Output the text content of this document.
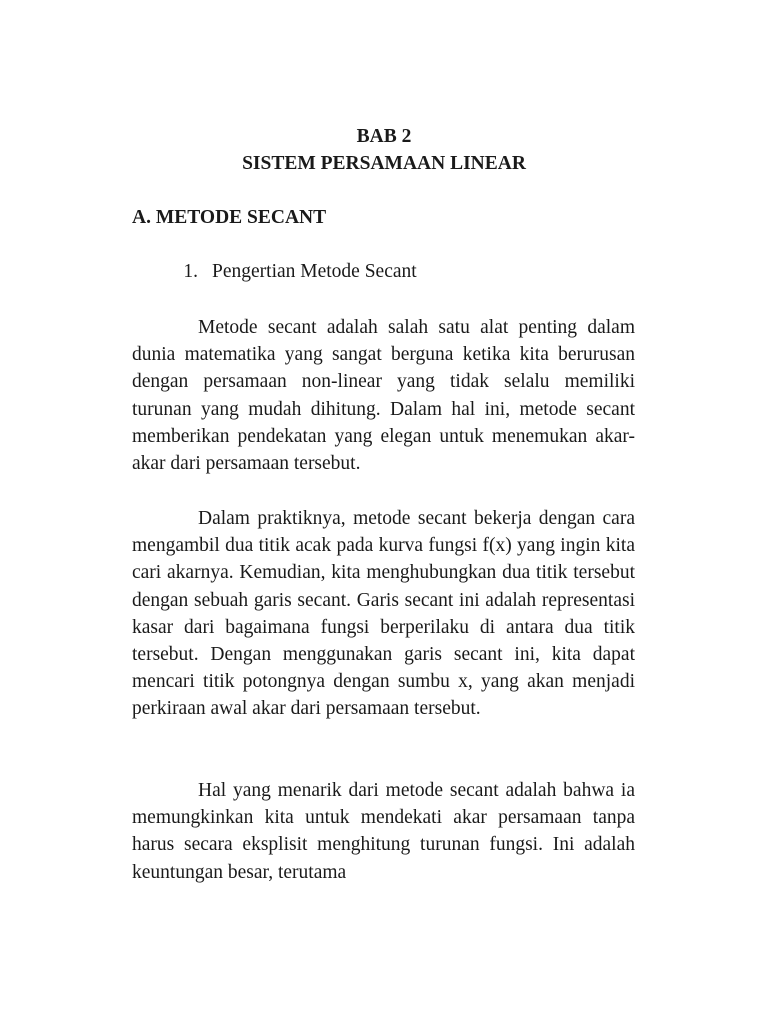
BAB 2
SISTEM PERSAMAAN LINEAR
A. METODE SECANT
1. Pengertian Metode Secant

Metode secant adalah salah satu alat penting dalam dunia matematika yang sangat berguna ketika kita berurusan dengan persamaan non-linear yang tidak selalu memiliki turunan yang mudah dihitung. Dalam hal ini, metode secant memberikan pendekatan yang elegan untuk menemukan akar-akar dari persamaan tersebut.

Dalam praktiknya, metode secant bekerja dengan cara mengambil dua titik acak pada kurva fungsi f(x) yang ingin kita cari akarnya. Kemudian, kita menghubungkan dua titik tersebut dengan sebuah garis secant. Garis secant ini adalah representasi kasar dari bagaimana fungsi berperilaku di antara dua titik tersebut. Dengan menggunakan garis secant ini, kita dapat mencari titik potongnya dengan sumbu x, yang akan menjadi perkiraan awal akar dari persamaan tersebut.

Hal yang menarik dari metode secant adalah bahwa ia memungkinkan kita untuk mendekati akar persamaan tanpa harus secara eksplisit menghitung turunan fungsi. Ini adalah keuntungan besar, terutama
